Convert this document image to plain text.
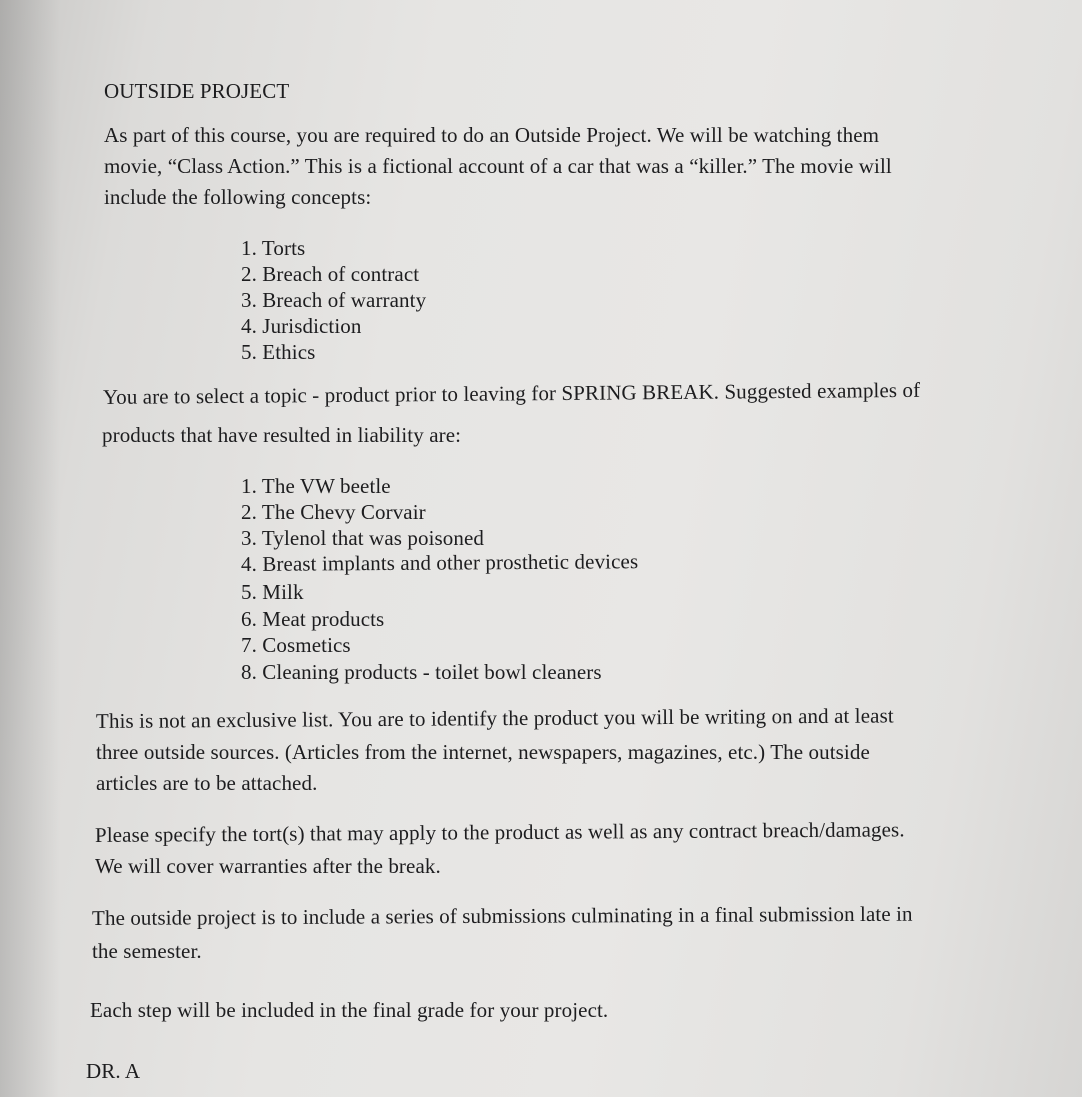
OUTSIDE PROJECT
As part of this course, you are required to do an Outside Project. We will be watching them
movie, “Class Action.” This is a fictional account of a car that was a “killer.” The movie will
include the following concepts:
1. Torts
2. Breach of contract
3. Breach of warranty
4. Jurisdiction
5. Ethics
You are to select a topic - product prior to leaving for SPRING BREAK. Suggested examples of
products that have resulted in liability are:
1. The VW beetle
2. The Chevy Corvair
3. Tylenol that was poisoned
4. Breast implants and other prosthetic devices
5. Milk
6. Meat products
7. Cosmetics
8. Cleaning products - toilet bowl cleaners
This is not an exclusive list. You are to identify the product you will be writing on and at least
three outside sources. (Articles from the internet, newspapers, magazines, etc.) The outside
articles are to be attached.
Please specify the tort(s) that may apply to the product as well as any contract breach/damages.
We will cover warranties after the break.
The outside project is to include a series of submissions culminating in a final submission late in
the semester.
Each step will be included in the final grade for your project.
DR. A
